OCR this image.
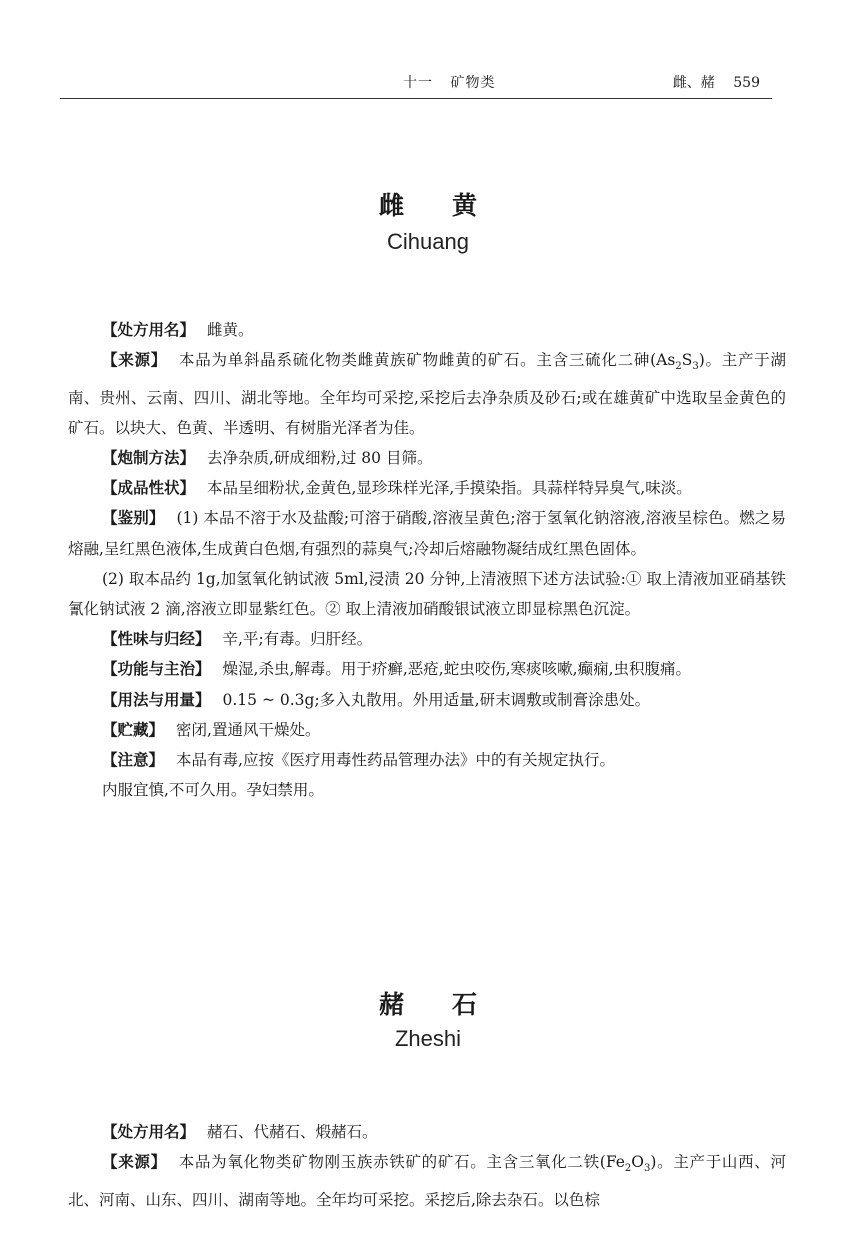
十一 矿物类	雌、赭 559
雌黄
Cihuang

【处方用名】 雌黄。

【来源】 本品为单斜晶系硫化物类雌黄族矿物雌黄的矿石。主含三硫化二砷$(As_2S_3)$。主产于湖南、贵州、云南、四川、湖北等地。全年均可采挖,采挖后去净杂质及砂石;或在雄黄矿中选取呈金黄色的矿石。以块大、色黄、半透明、有树脂光泽者为佳。

【炮制方法】 去净杂质,研成细粉,过 80 目筛。

【成品性状】 本品呈细粉状,金黄色,显珍珠样光泽,手摸染指。具蒜样特异臭气,味淡。

【鉴别】 (1) 本品不溶于水及盐酸;可溶于硝酸,溶液呈黄色;溶于氢氧化钠溶液,溶液呈棕色。燃之易熔融,呈红黑色液体,生成黄白色烟,有强烈的蒜臭气;冷却后熔融物凝结成红黑色固体。

(2) 取本品约 1g,加氢氧化钠试液 5ml,浸渍 20 分钟,上清液照下述方法试验:① 取上清液加亚硝基铁氰化钠试液 2 滴,溶液立即显紫红色。② 取上清液加硝酸银试液立即显棕黑色沉淀。

【性味与归经】 辛,平;有毒。归肝经。

【功能与主治】 燥湿,杀虫,解毒。用于疥癣,恶疮,蛇虫咬伤,寒痰咳嗽,癫痫,虫积腹痛。

【用法与用量】 0.15 ~ 0.3g;多入丸散用。外用适量,研末调敷或制膏涂患处。

【贮藏】 密闭,置通风干燥处。

【注意】 本品有毒,应按《医疗用毒性药品管理办法》中的有关规定执行。

内服宜慎,不可久用。孕妇禁用。

赭石
Zheshi

【处方用名】 赭石、代赭石、煅赭石。

【来源】 本品为氧化物类矿物刚玉族赤铁矿的矿石。主含三氧化二铁$(Fe_2O_3)$。主产于山西、河北、河南、山东、四川、湖南等地。全年均可采挖。采挖后,除去杂石。以色棕
